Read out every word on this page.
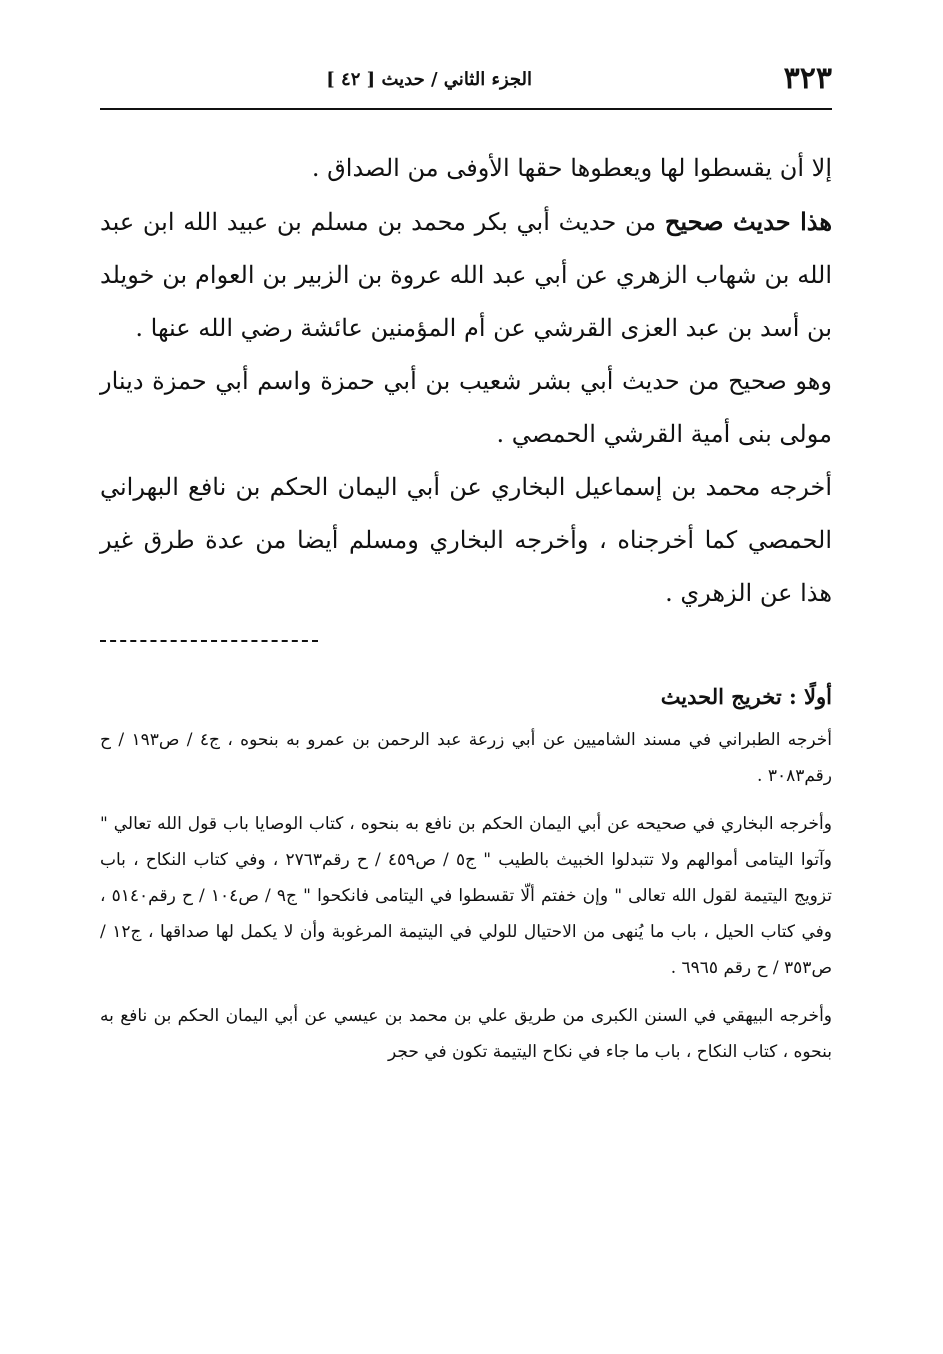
٣٢٣
الجزء الثاني / حديث [ ٤٢ ]

إلا أن يقسطوا لها ويعطوها حقها الأوفى من الصداق .

هذا حديث صحيح من حديث أبي بكر محمد بن مسلم بن عبيد الله ابن عبد الله بن شهاب الزهري عن أبي عبد الله عروة بن الزبير بن العوام بن خويلد بن أسد بن عبد العزى القرشي عن أم المؤمنين عائشة رضي الله عنها .

وهو صحيح من حديث أبي بشر شعيب بن أبي حمزة واسم أبي حمزة دينار مولى بنى أمية القرشي الحمصي .

أخرجه محمد بن إسماعيل البخاري عن أبي اليمان الحكم بن نافع البهراني الحمصي كما أخرجناه ، وأخرجه البخاري ومسلم أيضا من عدة طرق غير هذا عن الزهري .

أولًا : تخريج الحديث

أخرجه الطبراني في مسند الشاميين عن أبي زرعة عبد الرحمن بن عمرو به بنحوه ، ج٤ / ص١٩٣ / ح رقم٣٠٨٣ .

وأخرجه البخاري في صحيحه عن أبي اليمان الحكم بن نافع به بنحوه ، كتاب الوصايا باب قول الله تعالي " وآتوا اليتامى أموالهم ولا تتبدلوا الخبيث بالطيب " ج٥ / ص٤٥٩ / ح رقم٢٧٦٣ ، وفي كتاب النكاح ، باب تزويج اليتيمة لقول الله تعالى " وإن خفتم ألّا تقسطوا في اليتامى فانكحوا " ج٩ / ص١٠٤ / ح رقم٥١٤٠ ، وفي كتاب الحيل ، باب ما يُنهى من الاحتيال للولي في اليتيمة المرغوبة وأن لا يكمل لها صداقها ، ج١٢ / ص٣٥٣ / ح رقم ٦٩٦٥ .

وأخرجه البيهقي في السنن الكبرى من طريق علي بن محمد بن عيسي عن أبي اليمان الحكم بن نافع به بنحوه ، كتاب النكاح ، باب ما جاء في نكاح اليتيمة تكون في حجر
